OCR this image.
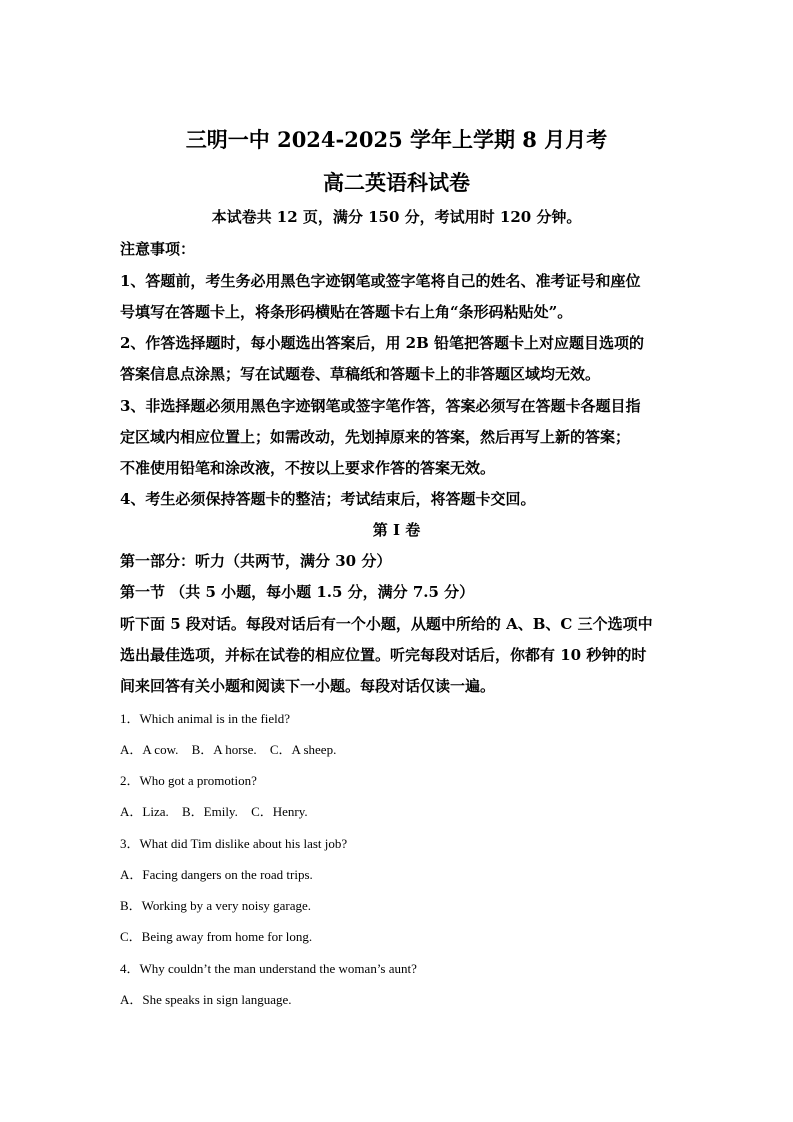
三明一中 2024-2025 学年上学期 8 月月考
高二英语科试卷
本试卷共 12 页，满分 150 分，考试用时 120 分钟。
注意事项：
1、答题前，考生务必用黑色字迹钢笔或签字笔将自己的姓名、准考证号和座位
号填写在答题卡上，将条形码横贴在答题卡右上角“条形码粘贴处”。
2、作答选择题时，每小题选出答案后，用 2B 铅笔把答题卡上对应题目选项的
答案信息点涂黑；写在试题卷、草稿纸和答题卡上的非答题区域均无效。
3、非选择题必须用黑色字迹钢笔或签字笔作答，答案必须写在答题卡各题目指
定区域内相应位置上；如需改动，先划掉原来的答案，然后再写上新的答案；
不准使用铅笔和涂改液，不按以上要求作答的答案无效。
4、考生必须保持答题卡的整洁；考试结束后，将答题卡交回。
第 I 卷
第一部分：听力（共两节，满分 30 分）
第一节 （共 5 小题，每小题 1.5 分，满分 7.5 分）
听下面 5 段对话。每段对话后有一个小题，从题中所给的 A、B、C 三个选项中
选出最佳选项，并标在试卷的相应位置。听完每段对话后，你都有 10 秒钟的时
间来回答有关小题和阅读下一小题。每段对话仅读一遍。
1．Which animal is in the field?
A．A cow. B．A horse. C．A sheep.
2．Who got a promotion?
A．Liza. B．Emily. C．Henry.
3．What did Tim dislike about his last job?
A．Facing dangers on the road trips.
B．Working by a very noisy garage.
C．Being away from home for long.
4．Why couldn’t the man understand the woman’s aunt?
A．She speaks in sign language.
